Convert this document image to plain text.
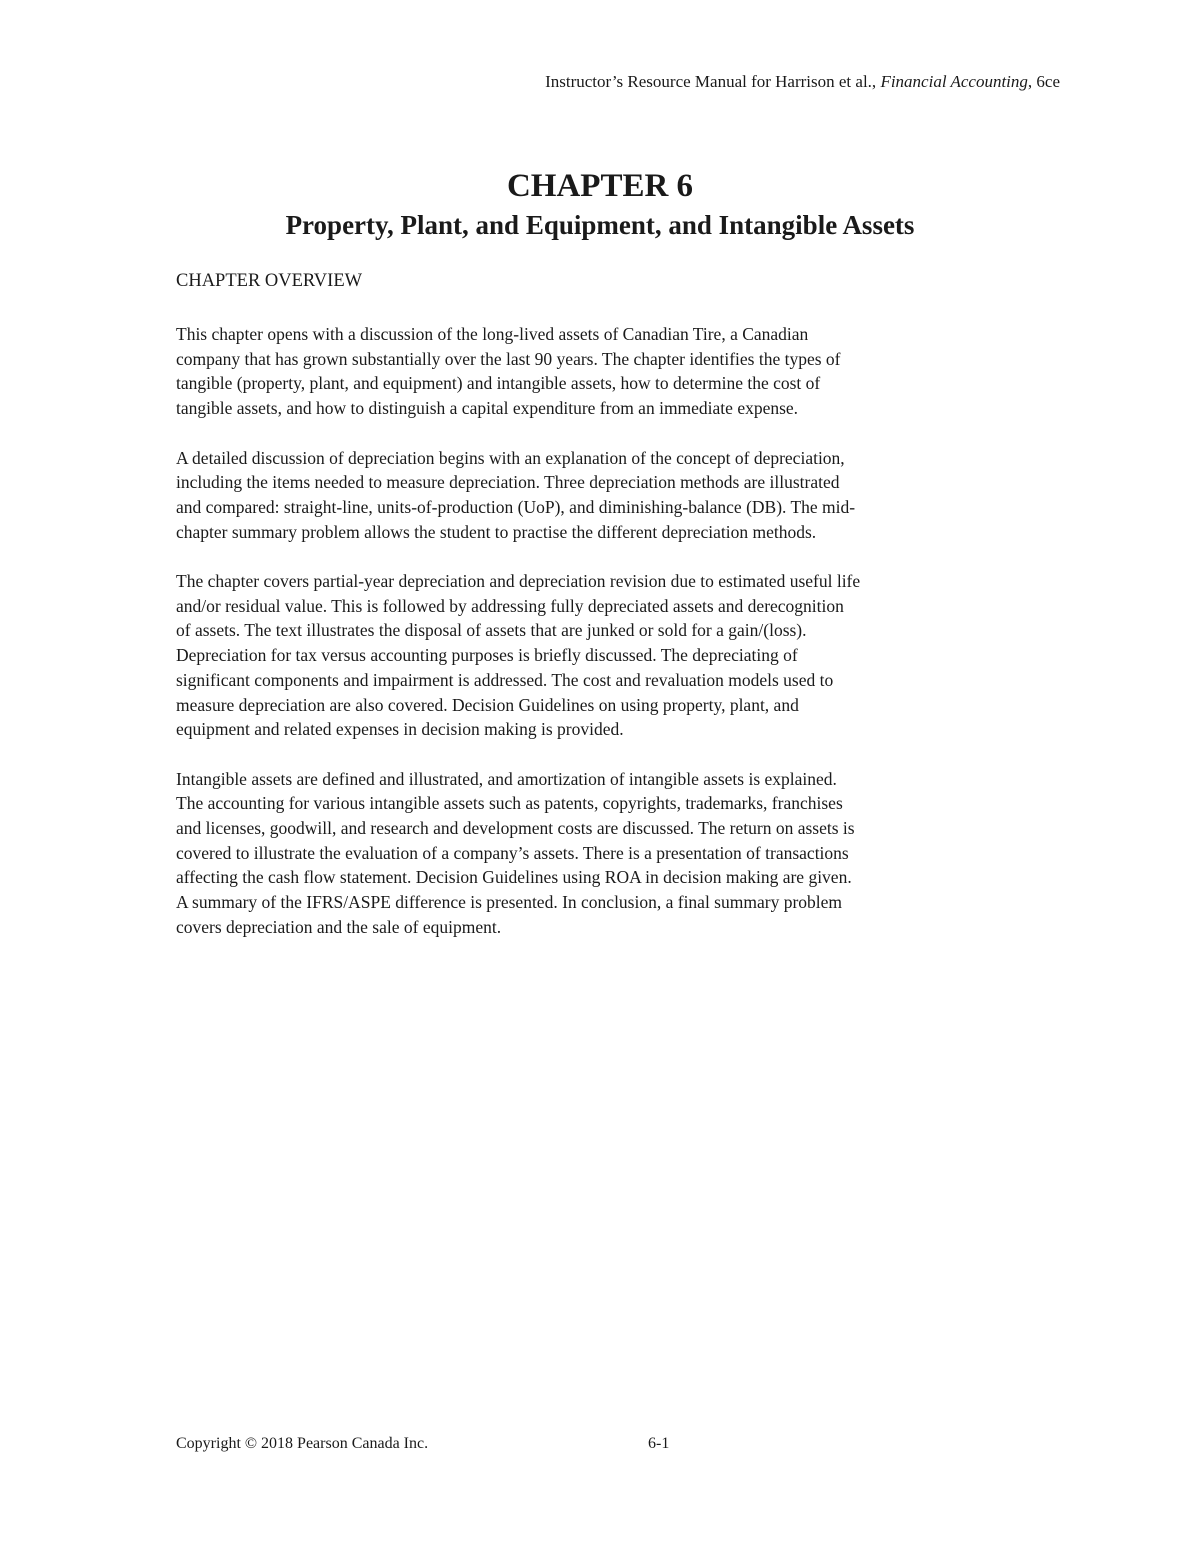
Instructor’s Resource Manual for Harrison et al., Financial Accounting, 6ce
CHAPTER 6
Property, Plant, and Equipment, and Intangible Assets
CHAPTER OVERVIEW

This chapter opens with a discussion of the long-lived assets of Canadian Tire, a Canadian
company that has grown substantially over the last 90 years. The chapter identifies the types of
tangible (property, plant, and equipment) and intangible assets, how to determine the cost of
tangible assets, and how to distinguish a capital expenditure from an immediate expense.

A detailed discussion of depreciation begins with an explanation of the concept of depreciation,
including the items needed to measure depreciation. Three depreciation methods are illustrated
and compared: straight-line, units-of-production (UoP), and diminishing-balance (DB). The mid-
chapter summary problem allows the student to practise the different depreciation methods.

The chapter covers partial-year depreciation and depreciation revision due to estimated useful life
and/or residual value. This is followed by addressing fully depreciated assets and derecognition
of assets. The text illustrates the disposal of assets that are junked or sold for a gain/(loss).
Depreciation for tax versus accounting purposes is briefly discussed. The depreciating of
significant components and impairment is addressed. The cost and revaluation models used to
measure depreciation are also covered. Decision Guidelines on using property, plant, and
equipment and related expenses in decision making is provided.

Intangible assets are defined and illustrated, and amortization of intangible assets is explained.
The accounting for various intangible assets such as patents, copyrights, trademarks, franchises
and licenses, goodwill, and research and development costs are discussed. The return on assets is
covered to illustrate the evaluation of a company’s assets. There is a presentation of transactions
affecting the cash flow statement. Decision Guidelines using ROA in decision making are given.
A summary of the IFRS/ASPE difference is presented. In conclusion, a final summary problem
covers depreciation and the sale of equipment.

Copyright © 2018 Pearson Canada Inc.	6-1
